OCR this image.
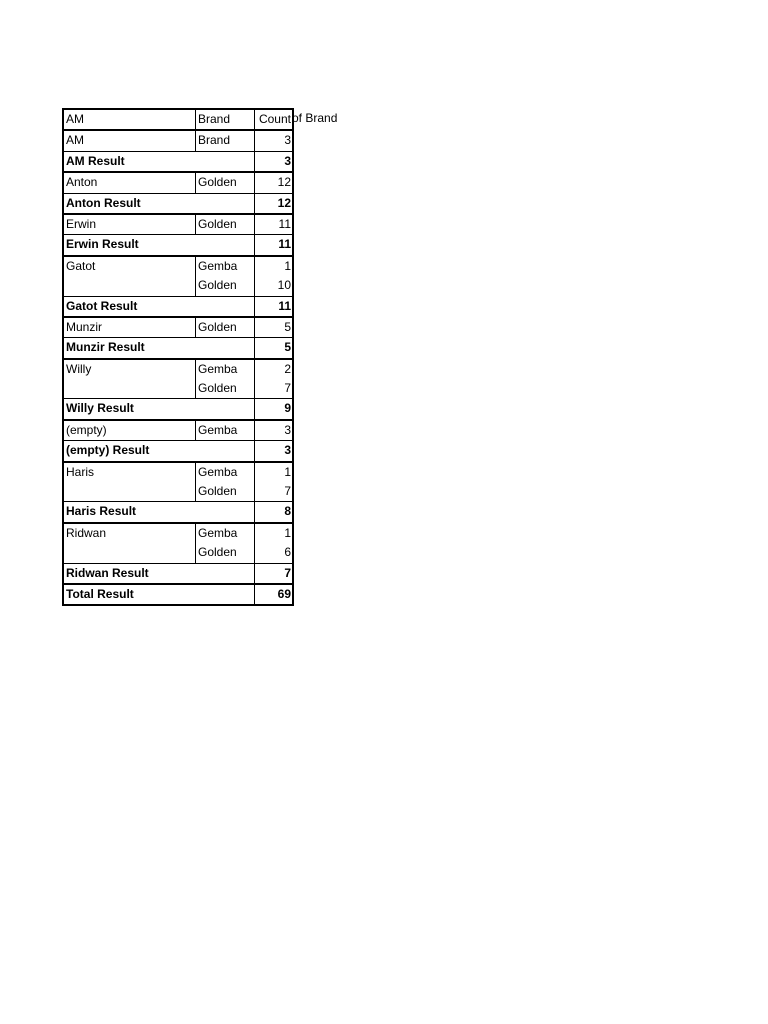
AM	Brand	Count
AM	Brand	3
AM Result		3
Anton	Golden	12
Anton Result		12
Erwin	Golden	11
Erwin Result		11
Gatot	Gemba	1
	Golden	10
Gatot Result		11
Munzir	Golden	5
Munzir Result		5
Willy	Gemba	2
	Golden	7
Willy Result		9
(empty)	Gemba	3
(empty) Result		3
Haris	Gemba	1
	Golden	7
Haris Result		8
Ridwan	Gemba	1
	Golden	6
Ridwan Result		7
Total Result		69
of Brand
